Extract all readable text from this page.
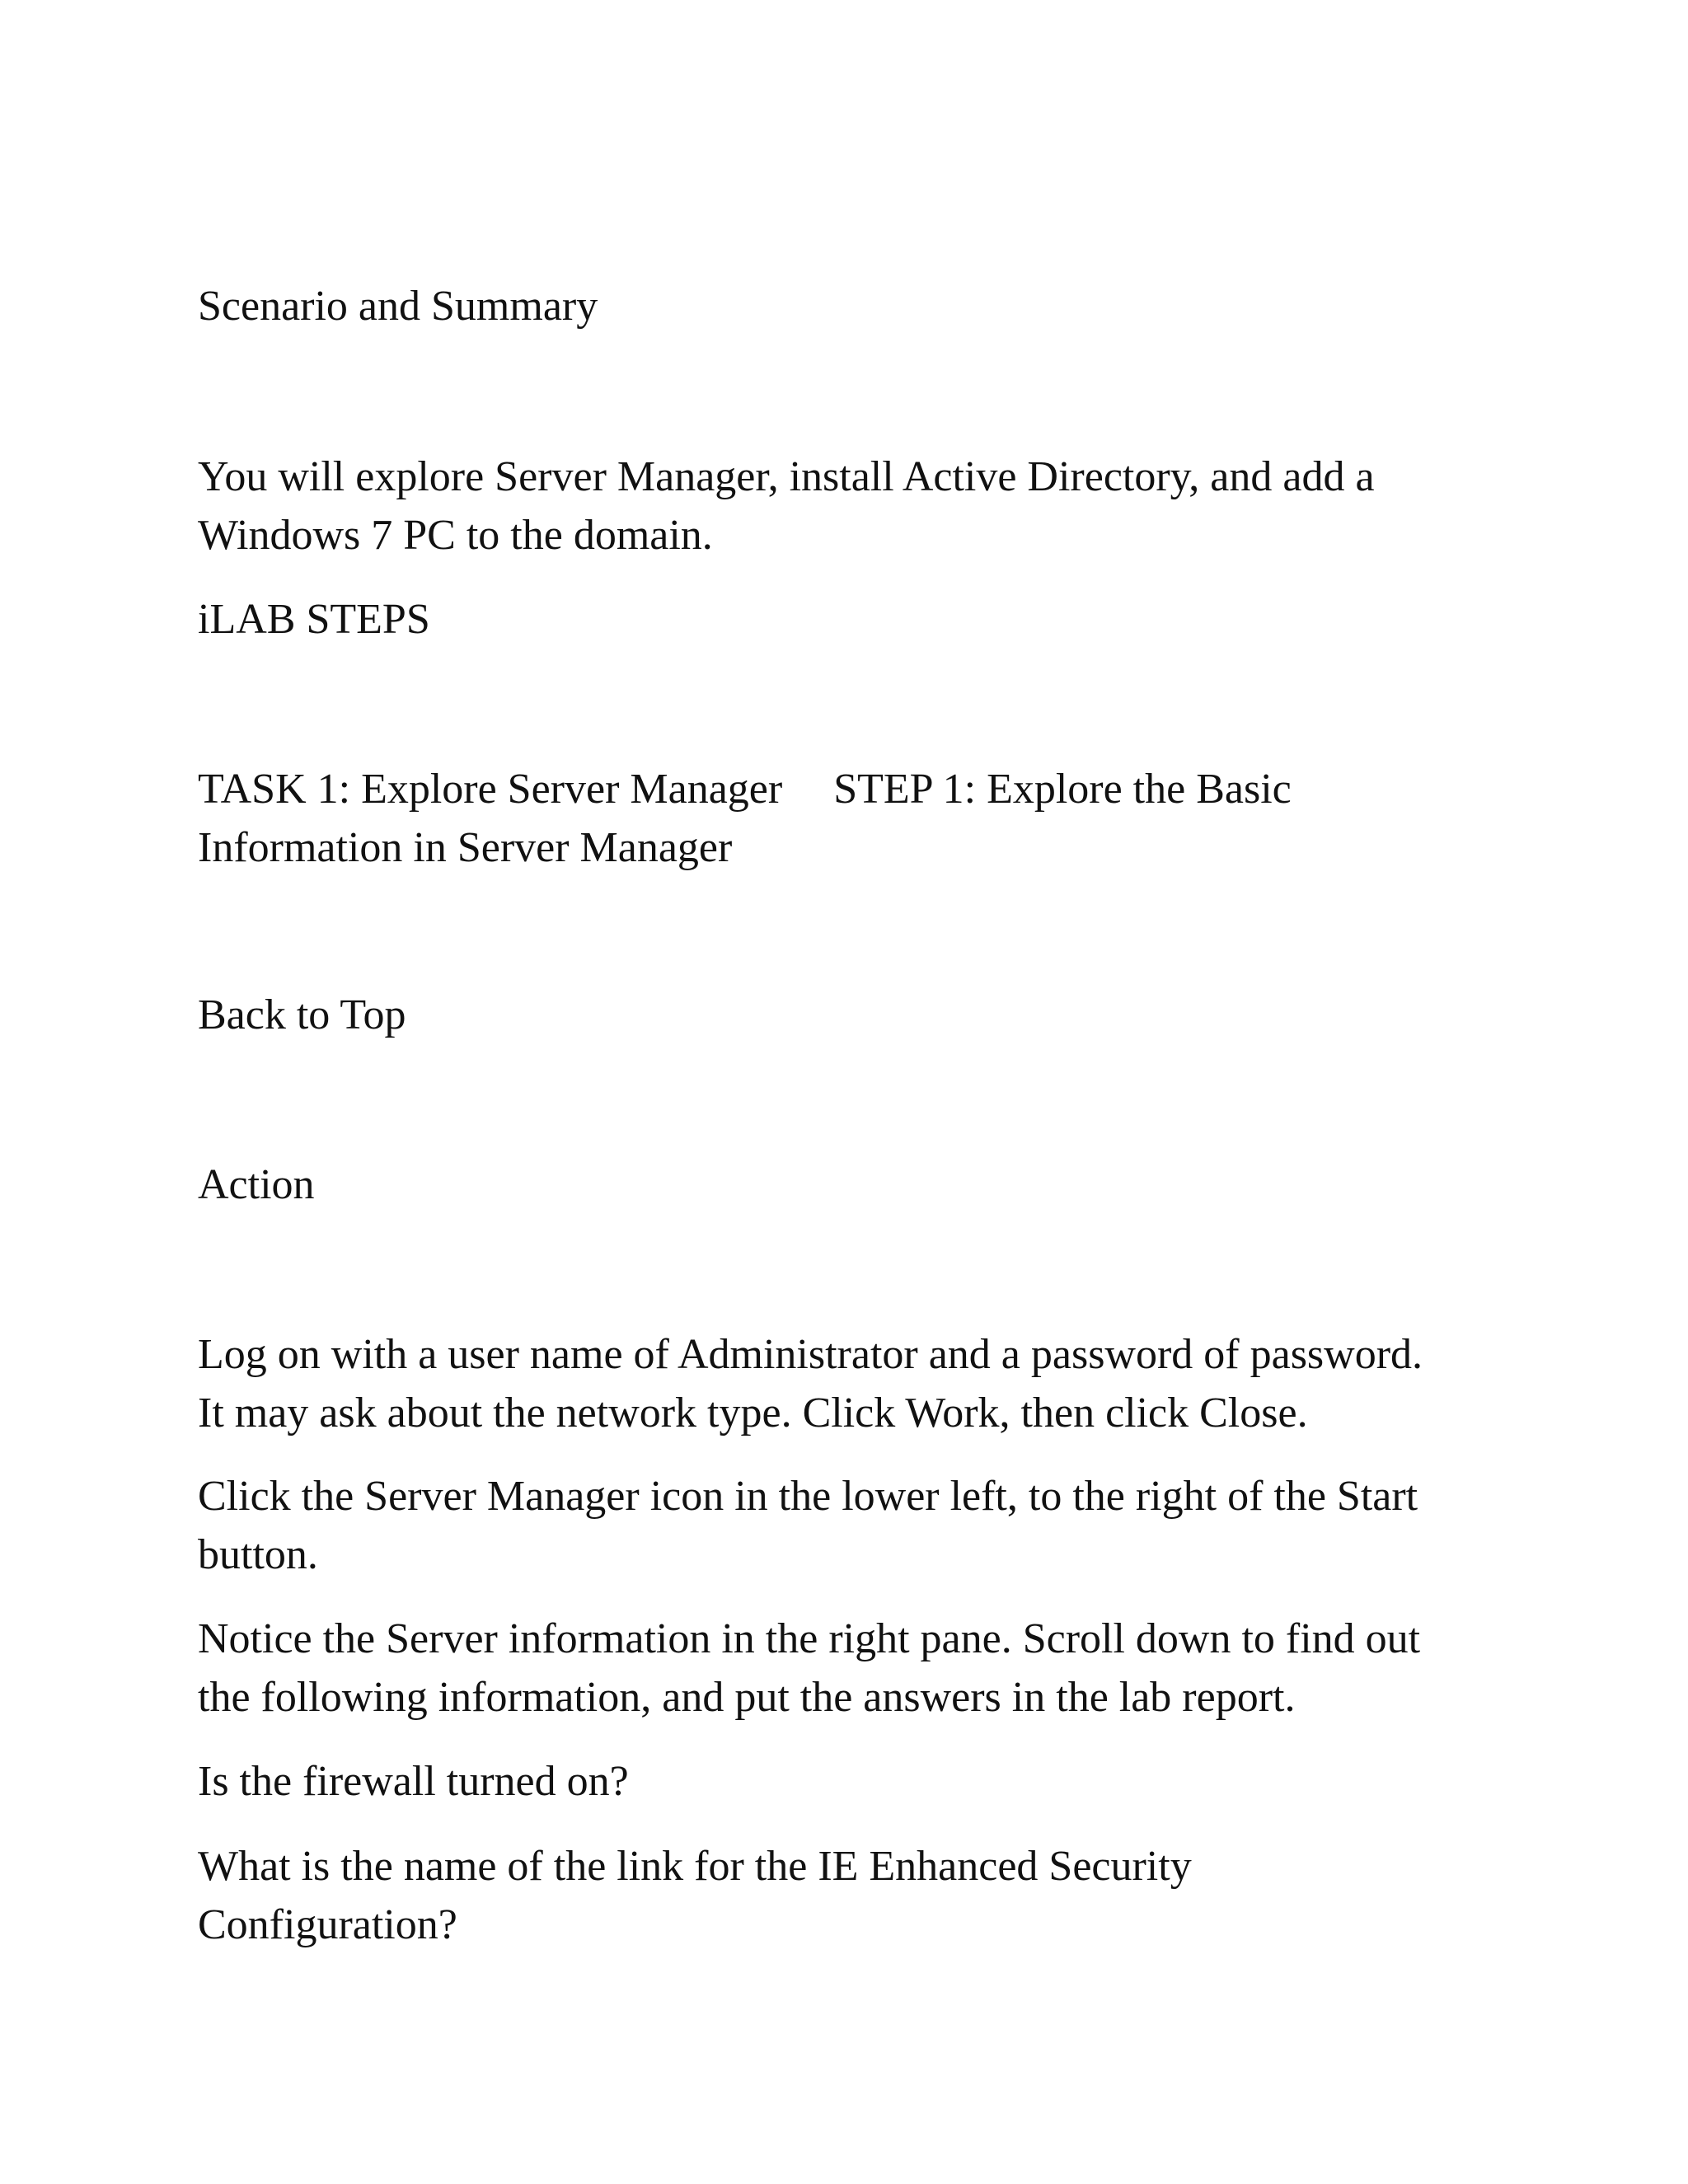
Scenario and Summary

You will explore Server Manager, install Active Directory, and add a
Windows 7 PC to the domain.

iLAB STEPS

TASK 1: Explore Server Manager STEP 1: Explore the Basic
Information in Server Manager

Back to Top

Action

Log on with a user name of Administrator and a password of password.
It may ask about the network type. Click Work, then click Close.

Click the Server Manager icon in the lower left, to the right of the Start
button.

Notice the Server information in the right pane. Scroll down to find out
the following information, and put the answers in the lab report.

Is the firewall turned on?

What is the name of the link for the IE Enhanced Security
Configuration?
